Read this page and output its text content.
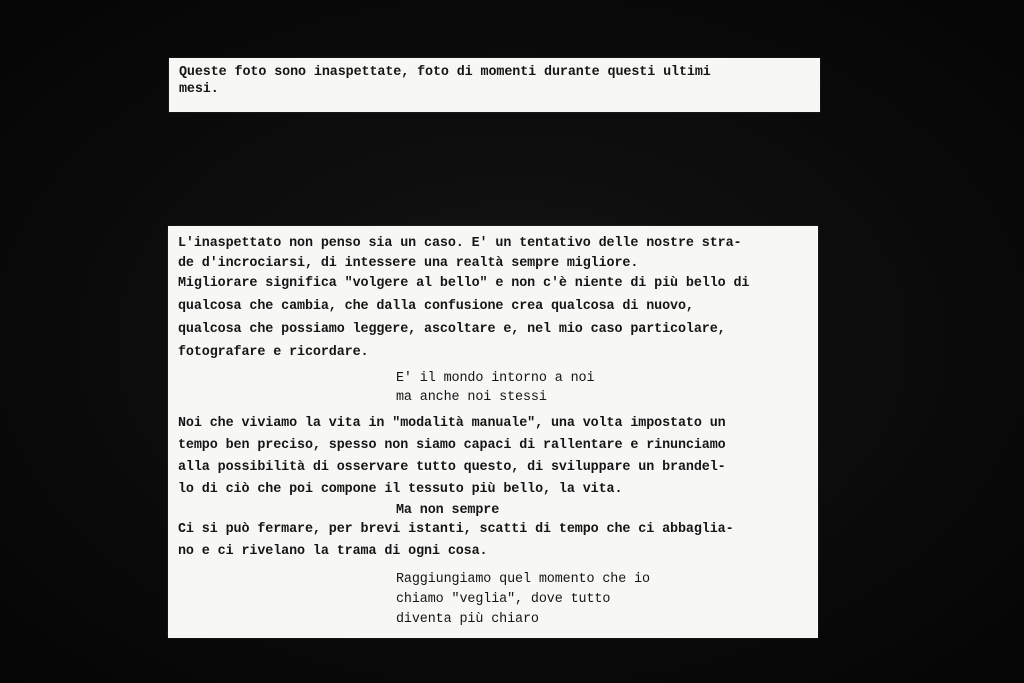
Queste foto sono inaspettate, foto di momenti durante questi ultimi

mesi.

L'inaspettato non penso sia un caso. E' un tentativo delle nostre stra-

de d'incrociarsi, di intessere una realtà sempre migliore.

Migliorare significa "volgere al bello" e non c'è niente di più bello di

qualcosa che cambia, che dalla confusione crea qualcosa di nuovo,

qualcosa che possiamo leggere, ascoltare e, nel mio caso particolare,

fotografare e ricordare.

E' il mondo intorno a noi

ma anche noi stessi

Noi che viviamo la vita in "modalità manuale", una volta impostato un

tempo ben preciso, spesso non siamo capaci di rallentare e rinunciamo

alla possibilità di osservare tutto questo, di sviluppare un brandel-

lo di ciò che poi compone il tessuto più bello, la vita.

Ma non sempre

Ci si può fermare, per brevi istanti, scatti di tempo che ci abbaglia-

no e ci rivelano la trama di ogni cosa.

Raggiungiamo quel momento che io

chiamo "veglia", dove tutto

diventa più chiaro
